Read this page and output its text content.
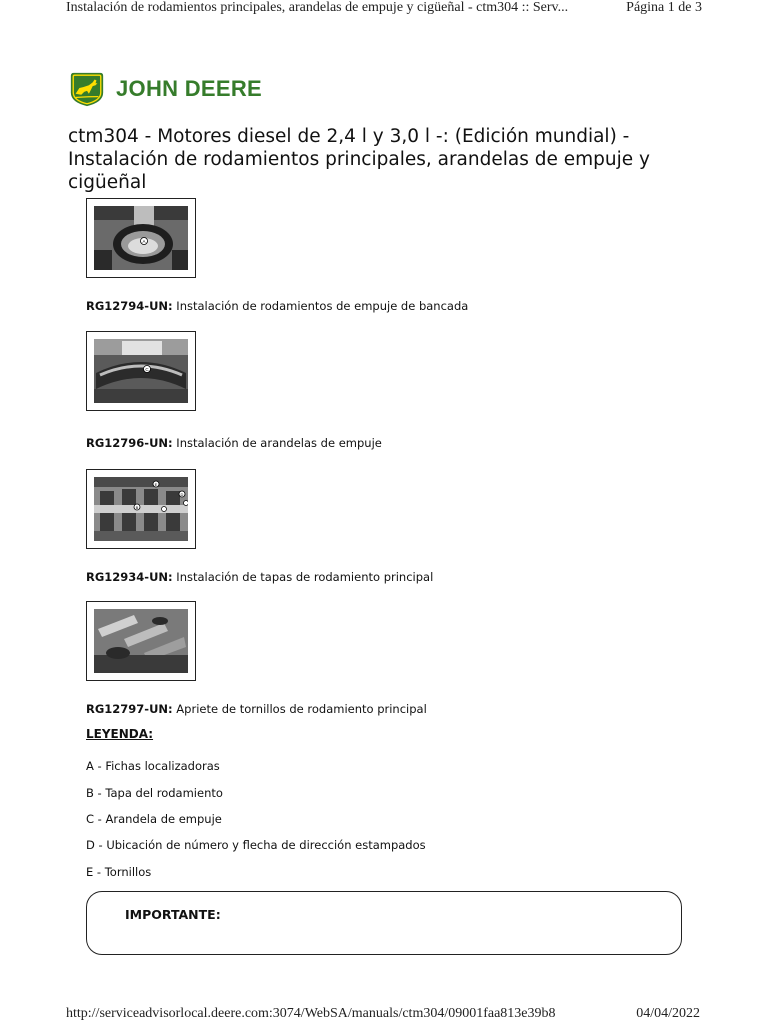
Instalación de rodamientos principales, arandelas de empuje y cigüeñal - ctm304 :: Serv...	Página 1 de 3
JOHN DEERE
ctm304 - Motores diesel de 2,4 l y 3,0 l -: (Edición mundial) - Instalación de rodamientos principales, arandelas de empuje y cigüeñal
A
RG12794-UN: Instalación de rodamientos de empuje de bancada
C
RG12796-UN: Instalación de arandelas de empuje
E
D
B
RG12934-UN: Instalación de tapas de rodamiento principal
RG12797-UN: Apriete de tornillos de rodamiento principal
LEYENDA:
A - Fichas localizadoras
B - Tapa del rodamiento
C - Arandela de empuje
D - Ubicación de número y flecha de dirección estampados
E - Tornillos
IMPORTANTE:
http://serviceadvisorlocal.deere.com:3074/WebSA/manuals/ctm304/09001faa813e39b8	04/04/2022
